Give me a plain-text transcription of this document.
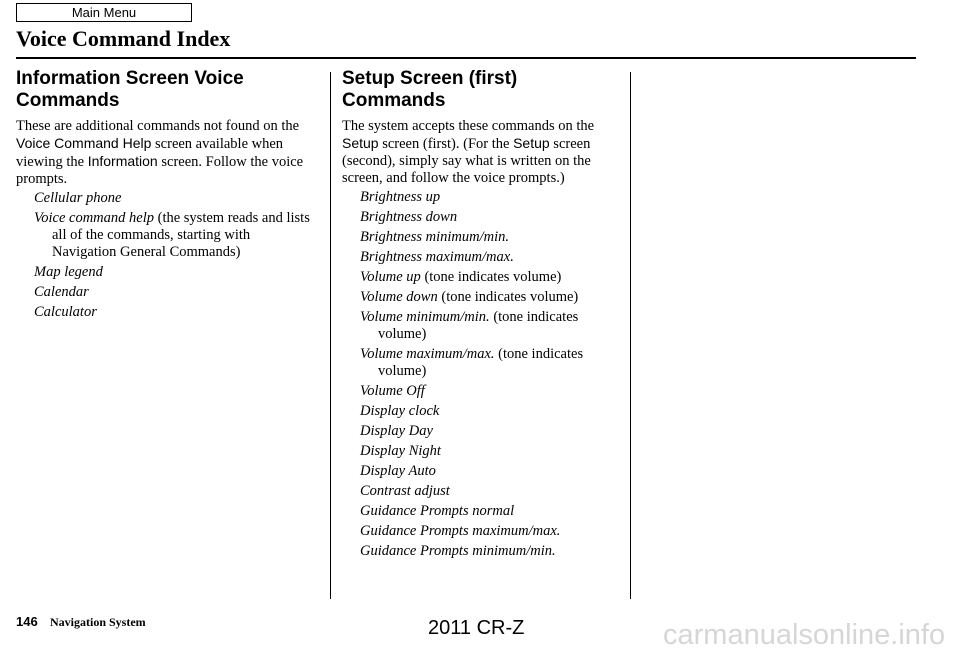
Main Menu
Voice Command Index
Information Screen Voice Commands

These are additional commands not found on the Voice Command Help screen available when viewing the Information screen. Follow the voice prompts.

Cellular phone
Voice command help (the system reads and lists all of the commands, starting with Navigation General Commands)
Map legend
Calendar
Calculator
Setup Screen (first) Commands

The system accepts these commands on the Setup screen (first). (For the Setup screen (second), simply say what is written on the screen, and follow the voice prompts.)

Brightness up
Brightness down
Brightness minimum/min.
Brightness maximum/max.
Volume up (tone indicates volume)
Volume down (tone indicates volume)
Volume minimum/min. (tone indicates volume)
Volume maximum/max. (tone indicates volume)
Volume Off
Display clock
Display Day
Display Night
Display Auto
Contrast adjust
Guidance Prompts normal
Guidance Prompts maximum/max.
Guidance Prompts minimum/min.
146 Navigation System	2011 CR-Z	carmanualsonline.info
